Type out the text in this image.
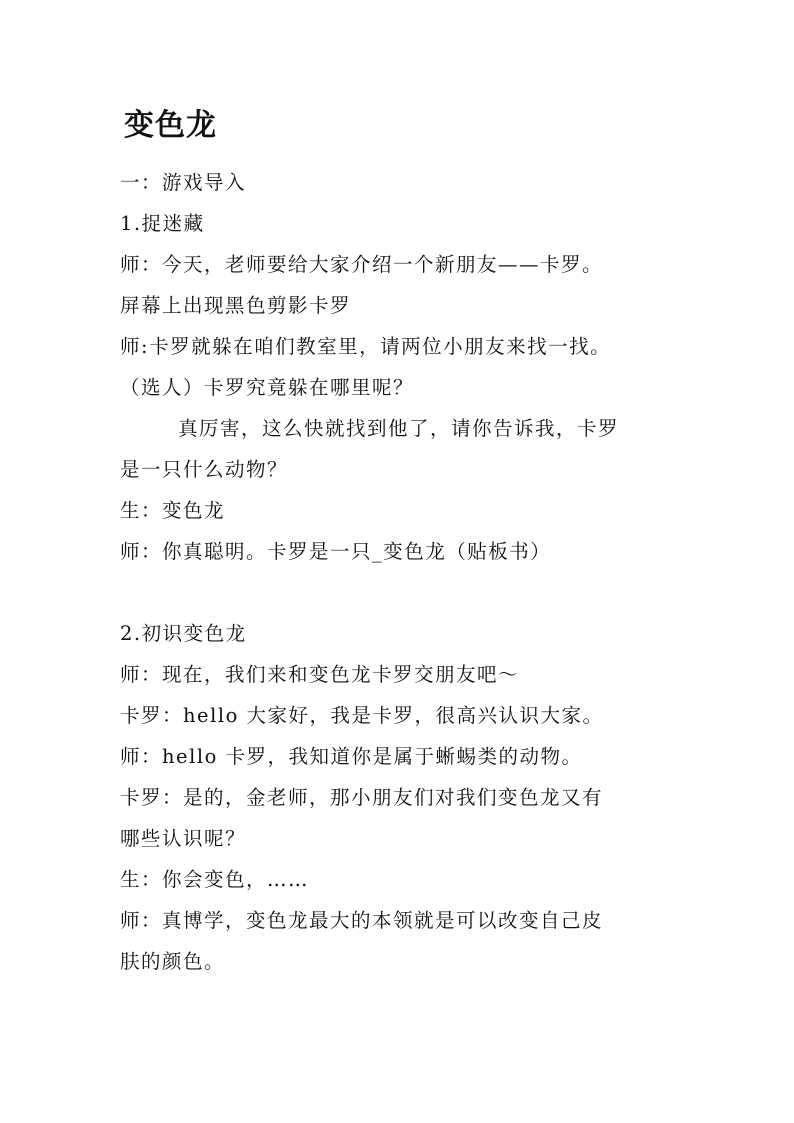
变色龙
一：游戏导入
1.捉迷藏
师：今天，老师要给大家介绍一个新朋友——卡罗。
屏幕上出现黑色剪影卡罗
师:卡罗就躲在咱们教室里，请两位小朋友来找一找。
（选人）卡罗究竟躲在哪里呢？
真厉害，这么快就找到他了，请你告诉我，卡罗
是一只什么动物？
生：变色龙
师：你真聪明。卡罗是一只_变色龙（贴板书）
2.初识变色龙
师：现在，我们来和变色龙卡罗交朋友吧～
卡罗：hello 大家好，我是卡罗，很高兴认识大家。
师：hello 卡罗，我知道你是属于蜥蜴类的动物。
卡罗：是的，金老师，那小朋友们对我们变色龙又有
哪些认识呢？
生：你会变色，……
师：真博学，变色龙最大的本领就是可以改变自己皮
肤的颜色。
